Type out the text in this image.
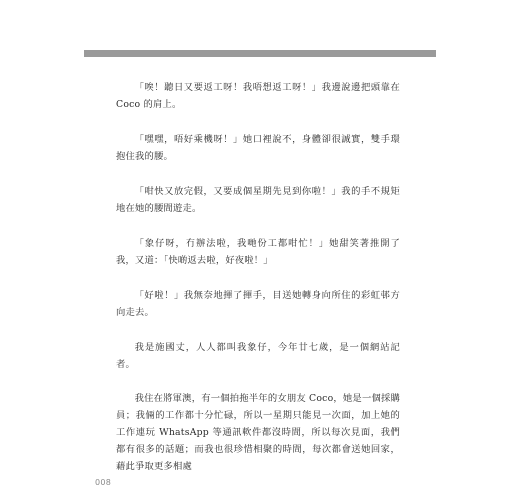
「唉！聽日又要返工呀！我唔想返工呀！」我邊說邊把頭靠在 Coco 的肩上。

「嘿嘿，唔好乘機呀！」她口裡說不，身體卻很誠實，雙手環抱住我的腰。

「咁快又放完假，又要成個星期先見到你啦！」我的手不規矩地在她的腰間遊走。

「象仔呀，冇辦法啦，我哋份工都咁忙！」她甜笑著推開了我，又道：「快啲返去啦，好夜啦！」

「好啦！」我無奈地揮了揮手，目送她轉身向所住的彩虹邨方向走去。

我是施國丈，人人都叫我象仔，今年廿七歲，是一個網站記者。

我住在將軍澳，有一個拍拖半年的女朋友 Coco，她是一個採購員；我倆的工作都十分忙碌，所以一星期只能見一次面，加上她的工作連玩 WhatsApp 等通訊軟件都沒時間，所以每次見面，我們都有很多的話題；而我也很珍惜相聚的時間，每次都會送她回家，藉此爭取更多相處

008
